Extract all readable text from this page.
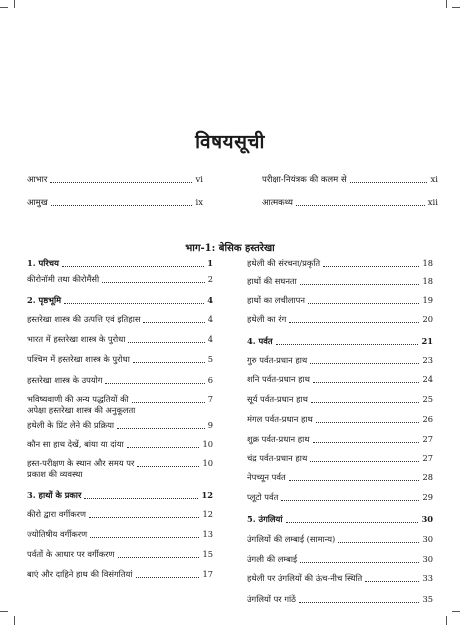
विषयसूची
आभार	vi	परीक्षा-नियंत्रक की कलम से	xi
आमुख	ix	आत्मकथ्य	xii
भाग-1: बेसिक हस्तरेखा
1. परिचय	1
कीरोनॉमी तथा कीरोमैंसी	2
2. पृष्ठभूमि	4
हस्तरेखा शास्त्र की उत्पत्ति एवं इतिहास	4
भारत में हस्तरेखा शास्त्र के पुरोधा	4
पश्चिम में हस्तरेखा शास्त्र के पुरोधा	5
हस्तरेखा शास्त्र के उपयोग	6
भविष्यवाणी की अन्य पद्धतियों की	7
अपेक्षा हस्तरेखा शास्त्र की अनुकूलता
हथेली के प्रिंट लेने की प्रक्रिया	9
कौन सा हाथ देखें, बांया या दांया	10
हस्त-परीक्षण के स्थान और समय पर	10
प्रकाश की व्यवस्था
3. हाथों के प्रकार	12
कीरो द्वारा वर्गीकरण	12
ज्योतिषीय वर्गीकरण	13
पर्वतों के आधार पर वर्गीकरण	15
बाएं और दाहिने हाथ की विसंगतियां	17
हथेली की संरचना/प्रकृति	18
हाथों की सघनता	18
हाथों का लचीलापन	19
हथेली का रंग	20
4. पर्वत	21
गुरु पर्वत-प्रधान हाथ	23
शनि पर्वत-प्रधान हाथ	24
सूर्य पर्वत-प्रधान हाथ	25
मंगल पर्वत-प्रधान हाथ	26
शुक्र पर्वत-प्रधान हाथ	27
चंद्र पर्वत-प्रधान हाथ	27
नेपच्यून पर्वत	28
प्लूटो पर्वत	29
5. उंगलियां	30
उंगलियों की लम्बाई (सामान्य)	30
उंगली की लम्बाई	30
हथेली पर उंगलियों की ऊंच-नीच स्थिति	33
उंगलियों पर गांठें	35
